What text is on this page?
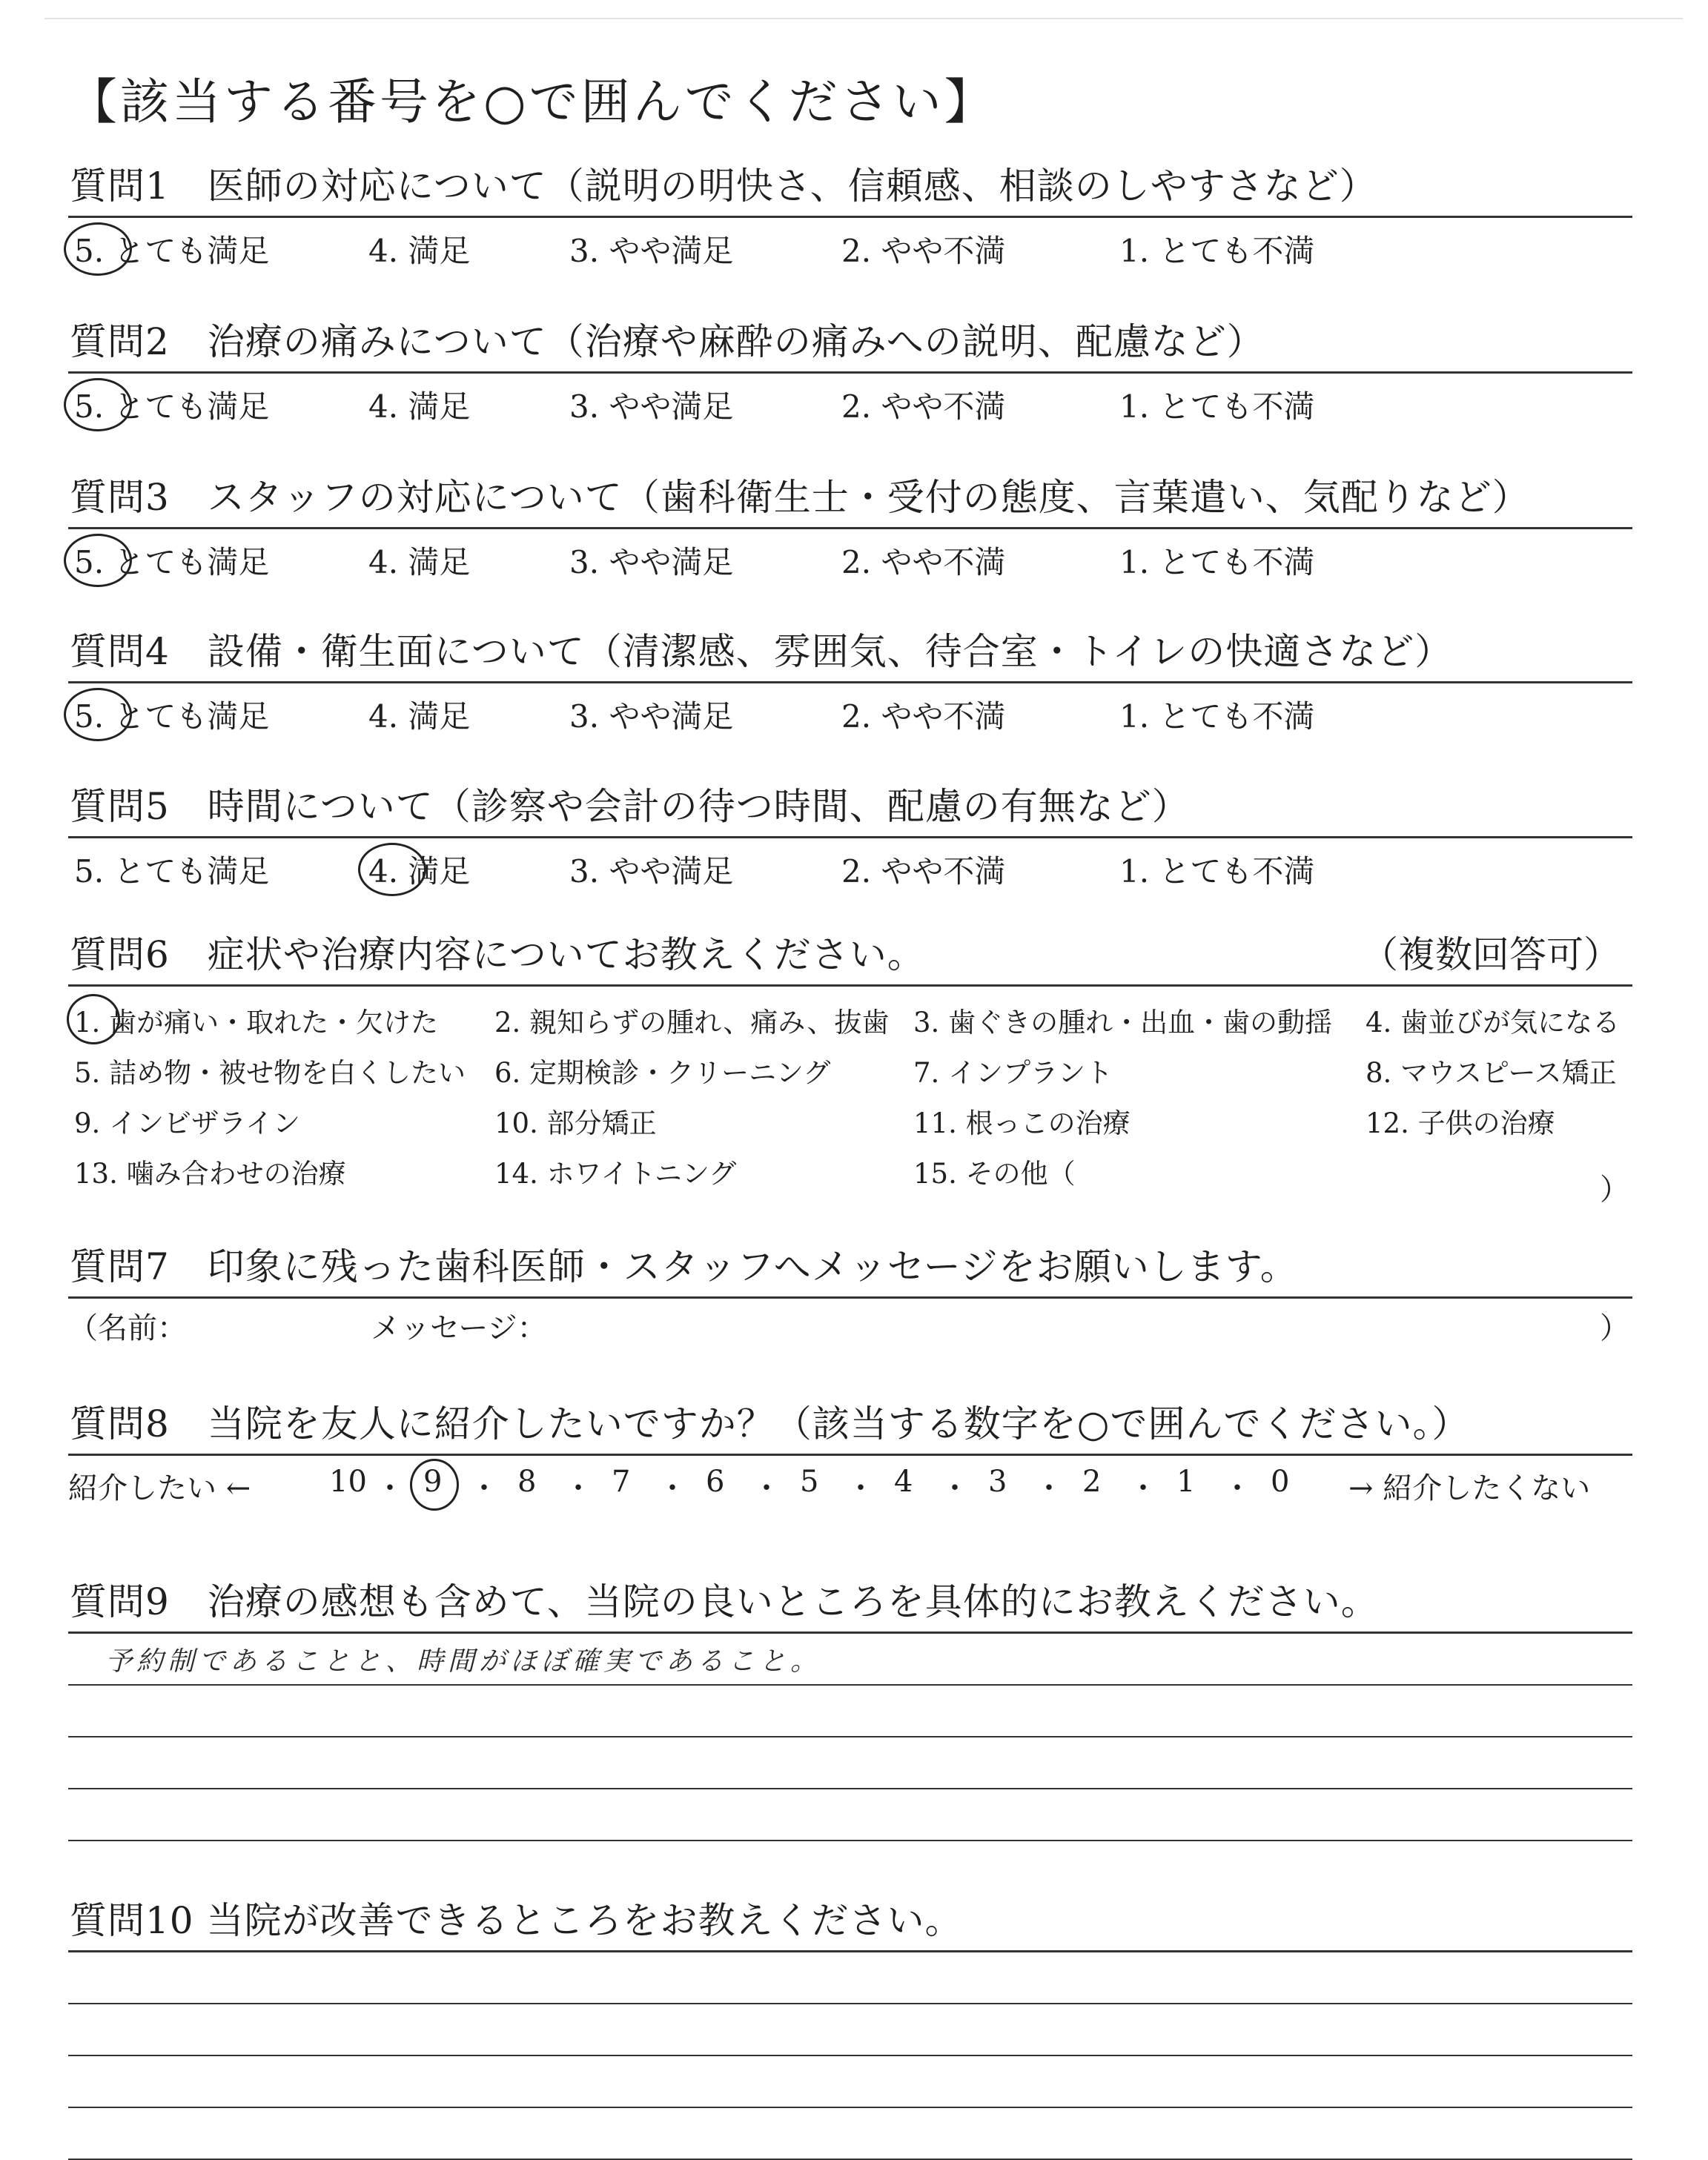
【該当する番号を○で囲んでください】
質問1　医師の対応について（説明の明快さ、信頼感、相談のしやすさなど）
5. とても満足	4. 満足	3. やや満足	2. やや不満	1. とても不満
質問2　治療の痛みについて（治療や麻酔の痛みへの説明、配慮など）
5. とても満足	4. 満足	3. やや満足	2. やや不満	1. とても不満
質問3　スタッフの対応について（歯科衛生士・受付の態度、言葉遣い、気配りなど）
5. とても満足	4. 満足	3. やや満足	2. やや不満	1. とても不満
質問4　設備・衛生面について（清潔感、雰囲気、待合室・トイレの快適さなど）
5. とても満足	4. 満足	3. やや満足	2. やや不満	1. とても不満
質問5　時間について（診察や会計の待つ時間、配慮の有無など）
5. とても満足	4. 満足	3. やや満足	2. やや不満	1. とても不満
質問6　症状や治療内容についてお教えください。	（複数回答可）
）
1. 歯が痛い・取れた・欠けた 2. 親知らずの腫れ、痛み、抜歯 3. 歯ぐきの腫れ・出血・歯の動揺 4. 歯並びが気になる
5. 詰め物・被せ物を白くしたい 6. 定期検診・クリーニング	7. インプラント	8. マウスピース矯正
9. インビザライン	10. 部分矯正	11. 根っこの治療	12. 子供の治療
13. 噛み合わせの治療	14. ホワイトニング	15. その他（
質問7　印象に残った歯科医師・スタッフへメッセージをお願いします。
（名前：	メッセージ：	）
質問8　当院を友人に紹介したいですか？（該当する数字を○で囲んでください。）
紹介したい ←	→ 紹介したくない
10 ・ 9 ・ 8 ・ 7 ・ 6 ・ 5 ・ 4 ・ 3 ・ 2 ・ 1 ・ 0
質問9　治療の感想も含めて、当院の良いところを具体的にお教えください。
予約制であることと、時間がほぼ確実であること。
質問10 当院が改善できるところをお教えください。
